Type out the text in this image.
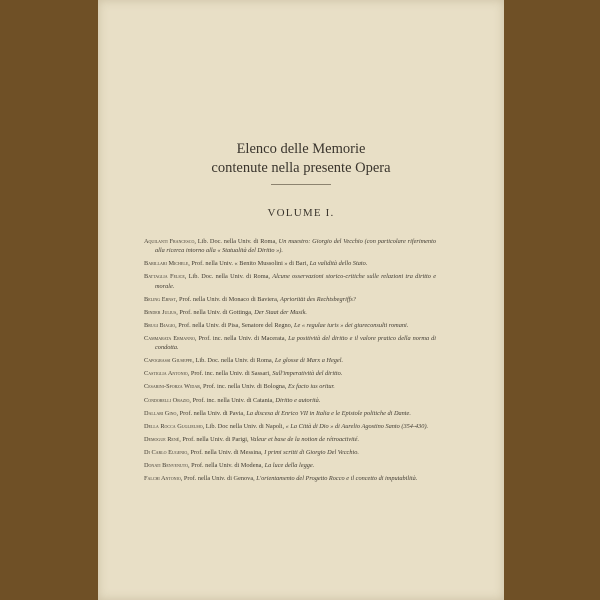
Elenco delle Memorie
contenute nella presente Opera
VOLUME I.
Aquilanti Francesco, Lib. Doc. nella Univ. di Roma, Un maestro: Giorgio del Vecchio (con particolare riferimento alla ricerca intorno alla « Statualità del Diritto »).
Barillari Michele, Prof. nella Univ. « Benito Mussolini » di Bari, La validità dello Stato.
Battaglia Felice, Lib. Doc. nella Univ. di Roma, Alcune osservazioni storico-critiche sulle relazioni tra diritto e morale.
Beling Ernst, Prof. nella Univ. di Monaco di Baviera, Apriorität des Rechtsbegriffs?
Binder Julius, Prof. nella Univ. di Gottinga, Der Staat der Musik.
Brugi Biagio, Prof. nella Univ. di Pisa, Senatore del Regno, Le « regulae iuris » dei giureconsulti romani.
Cammarata Ermanno, Prof. inc. nella Univ. di Macerata, La positività del diritto e il valore pratico della norma di condotta.
Capograssi Giuseppe, Lib. Doc. nella Univ. di Roma, Le glosse di Marx a Hegel.
Castiglia Antonio, Prof. inc. nella Univ. di Sassari, Sull'imperatività del diritto.
Cesarini-Sforza Widar, Prof. inc. nella Univ. di Bologna, Ex facto ius oritur.
Condorelli Orazio, Prof. inc. nella Univ. di Catania, Diritto e autorità.
Dallari Gino, Prof. nella Univ. di Pavia, La discesa di Enrico VII in Italia e le Epistole politiche di Dante.
Della Rocca Guglielmo, Lib. Doc nella Univ. di Napoli, « La Città di Dio » di Aurelio Agostino Santo (354-430).
Demogue René, Prof. nella Univ. di Parigi, Valeur et base de la notion de rétroactivité.
Di Carlo Eugenio, Prof. nella Univ. di Messina, I primi scritti di Giorgio Del Vecchio.
Donati Benvenuto, Prof. nella Univ. di Modena, La luce della legge.
Falchi Antonio, Prof. nella Univ. di Genova, L'orientamento del Progetto Rocco e il concetto di imputabilità.
